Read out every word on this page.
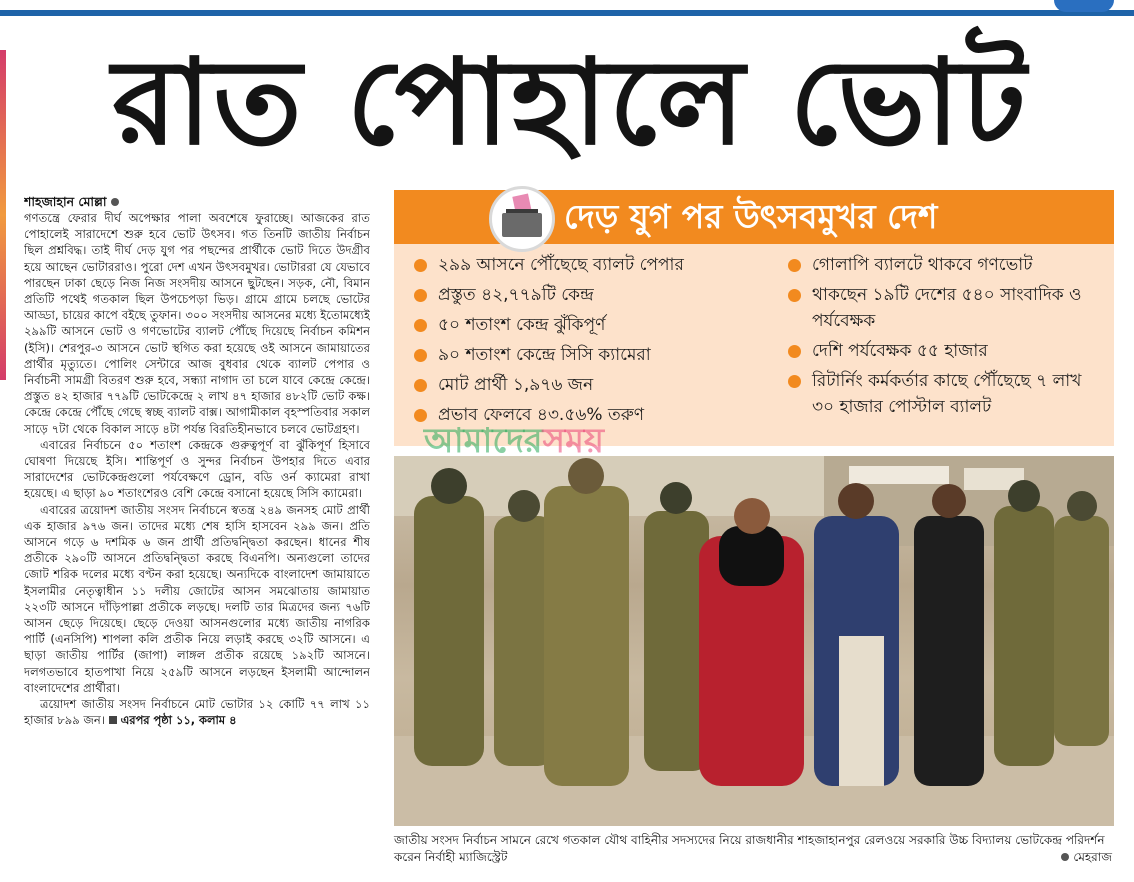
রাত পোহালে ভোট
শাহজাহান মোল্লা

গণতন্ত্রে ফেরার দীর্ঘ অপেক্ষার পালা অবশেষে ফুরাচ্ছে। আজকের রাত পোহালেই সারাদেশে শুরু হবে ভোট উৎসব। গত তিনটি জাতীয় নির্বাচন ছিল প্রশ্নবিদ্ধ। তাই দীর্ঘ দেড় যুগ পর পছন্দের প্রার্থীকে ভোট দিতে উদগ্রীব হয়ে আছেন ভোটাররাও। পুরো দেশ এখন উৎসবমুখর। ভোটাররা যে যেভাবে পারছেন ঢাকা ছেড়ে নিজ নিজ সংসদীয় আসনে ছুটছেন। সড়ক, নৌ, বিমান প্রতিটি পথেই গতকাল ছিল উপচেপড়া ভিড়। গ্রামে গ্রামে চলছে ভোটের আড্ডা, চায়ের কাপে বইছে তুফান। ৩০০ সংসদীয় আসনের মধ্যে ইতোমধ্যেই ২৯৯টি আসনে ভোট ও গণভোটের ব্যালট পৌঁছে দিয়েছে নির্বাচন কমিশন (ইসি)। শেরপুর-৩ আসনে ভোট স্থগিত করা হয়েছে ওই আসনে জামায়াতের প্রার্থীর মৃত্যুতে। পোলিং সেন্টারে আজ বুধবার থেকে ব্যালট পেপার ও নির্বাচনী সামগ্রী বিতরণ শুরু হবে, সন্ধ্যা নাগাদ তা চলে যাবে কেন্দ্রে কেন্দ্রে। প্রস্তুত ৪২ হাজার ৭৭৯টি ভোটকেন্দ্রে ২ লাখ ৪৭ হাজার ৪৮২টি ভোট কক্ষ। কেন্দ্রে কেন্দ্রে পৌঁছে গেছে স্বচ্ছ ব্যালট বাক্স। আগামীকাল বৃহস্পতিবার সকাল সাড়ে ৭টা থেকে বিকাল সাড়ে ৪টা পর্যন্ত বিরতিহীনভাবে চলবে ভোটগ্রহণ।

এবারের নির্বাচনে ৫০ শতাংশ কেন্দ্রকে গুরুত্বপূর্ণ বা ঝুঁকিপূর্ণ হিসাবে ঘোষণা দিয়েছে ইসি। শান্তিপূর্ণ ও সুন্দর নির্বাচন উপহার দিতে এবার সারাদেশের ভোটকেন্দ্রগুলো পর্যবেক্ষণে ড্রোন, বডি ওর্ন ক্যামেরা রাখা হয়েছে। এ ছাড়া ৯০ শতাংশেরও বেশি কেন্দ্রে বসানো হয়েছে সিসি ক্যামেরা।

এবারের ত্রয়োদশ জাতীয় সংসদ নির্বাচনে স্বতন্ত্র ২৪৯ জনসহ মোট প্রার্থী এক হাজার ৯৭৬ জন। তাদের মধ্যে শেষ হাসি হাসবেন ২৯৯ জন। প্রতি আসনে গড়ে ৬ দশমিক ৬ জন প্রার্থী প্রতিদ্বন্দ্বিতা করছেন। ধানের শীষ প্রতীকে ২৯০টি আসনে প্রতিদ্বন্দ্বিতা করছে বিএনপি। অন্যগুলো তাদের জোট শরিক দলের মধ্যে বণ্টন করা হয়েছে। অন্যদিকে বাংলাদেশ জামায়াতে ইসলামীর নেতৃত্বাধীন ১১ দলীয় জোটের আসন সমঝোতায় জামায়াত ২২৩টি আসনে দাঁড়িপাল্লা প্রতীকে লড়ছে। দলটি তার মিত্রদের জন্য ৭৬টি আসন ছেড়ে দিয়েছে। ছেড়ে দেওয়া আসনগুলোর মধ্যে জাতীয় নাগরিক পার্টি (এনসিপি) শাপলা কলি প্রতীক নিয়ে লড়াই করছে ৩২টি আসনে। এ ছাড়া জাতীয় পার্টির (জাপা) লাঙ্গল প্রতীক রয়েছে ১৯২টি আসনে। দলগতভাবে হাতপাখা নিয়ে ২৫৯টি আসনে লড়ছেন ইসলামী আন্দোলন বাংলাদেশের প্রার্থীরা।

ত্রয়োদশ জাতীয় সংসদ নির্বাচনে মোট ভোটার ১২ কোটি ৭৭ লাখ ১১ হাজার ৮৯৯ জন। এরপর পৃষ্ঠা ১১, কলাম ৪

দেড় যুগ পর উৎসবমুখর দেশ
২৯৯ আসনে পৌঁছেছে ব্যালট পেপার
প্রস্তুত ৪২,৭৭৯টি কেন্দ্র
৫০ শতাংশ কেন্দ্র ঝুঁকিপূর্ণ
৯০ শতাংশ কেন্দ্রে সিসি ক্যামেরা
মোট প্রার্থী ১,৯৭৬ জন
প্রভাব ফেলবে ৪৩.৫৬% তরুণ
গোলাপি ব্যালটে থাকবে গণভোট
থাকছেন ১৯টি দেশের ৫৪০ সাংবাদিক ও পর্যবেক্ষক
দেশি পর্যবেক্ষক ৫৫ হাজার
রিটার্নিং কর্মকর্তার কাছে পৌঁছেছে ৭ লাখ ৩০ হাজার পোস্টাল ব্যালট
আমাদেরসময়
জাতীয় সংসদ নির্বাচন সামনে রেখে গতকাল যৌথ বাহিনীর সদস্যদের নিয়ে রাজধানীর শাহজাহানপুর রেলওয়ে সরকারি উচ্চ বিদ্যালয় ভোটকেন্দ্র পরিদর্শন করেন নির্বাহী ম্যাজিস্ট্রেট	মেহরাজ
